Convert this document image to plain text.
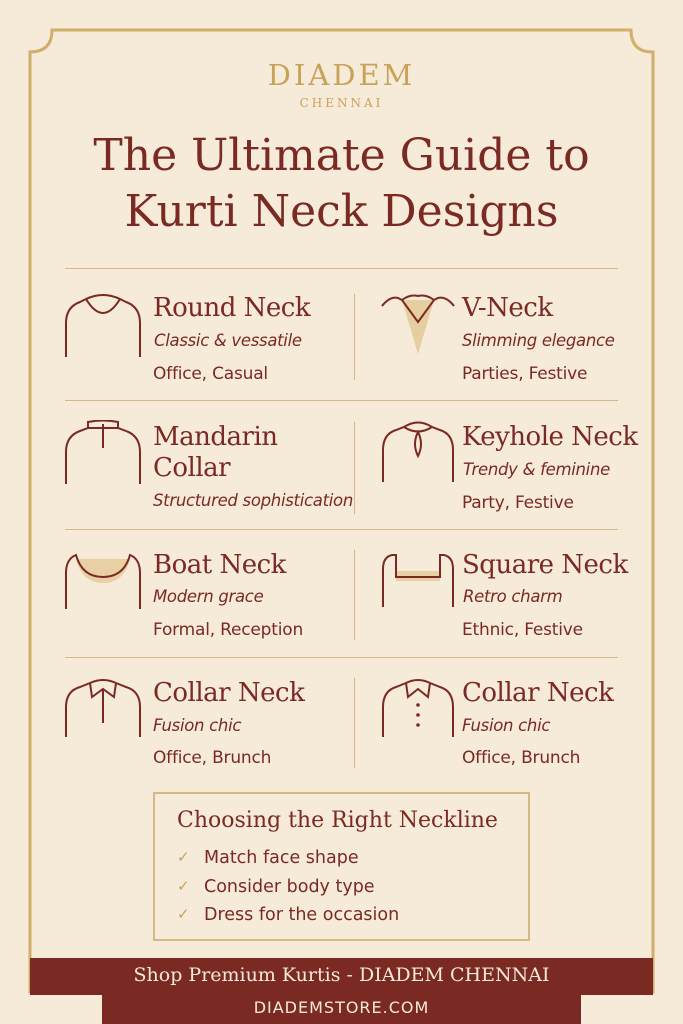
DIADEM
CHENNAI
The Ultimate Guide to
Kurti Neck Designs
Round Neck
Classic & vessatile
Office, Casual
V-Neck
Slimming elegance
Parties, Festive
Mandarin
Collar
Structured sophistication
Keyhole Neck
Trendy & feminine
Party, Festive
Boat Neck
Modern grace
Formal, Reception
Square Neck
Retro charm
Ethnic, Festive
Collar Neck
Fusion chic
Office, Brunch
Collar Neck
Fusion chic
Office, Brunch
Choosing the Right Neckline
✓ Match face shape
✓ Consider body type
✓ Dress for the occasion
Shop Premium Kurtis - DIADEM CHENNAI
DIADEMSTORE.COM
